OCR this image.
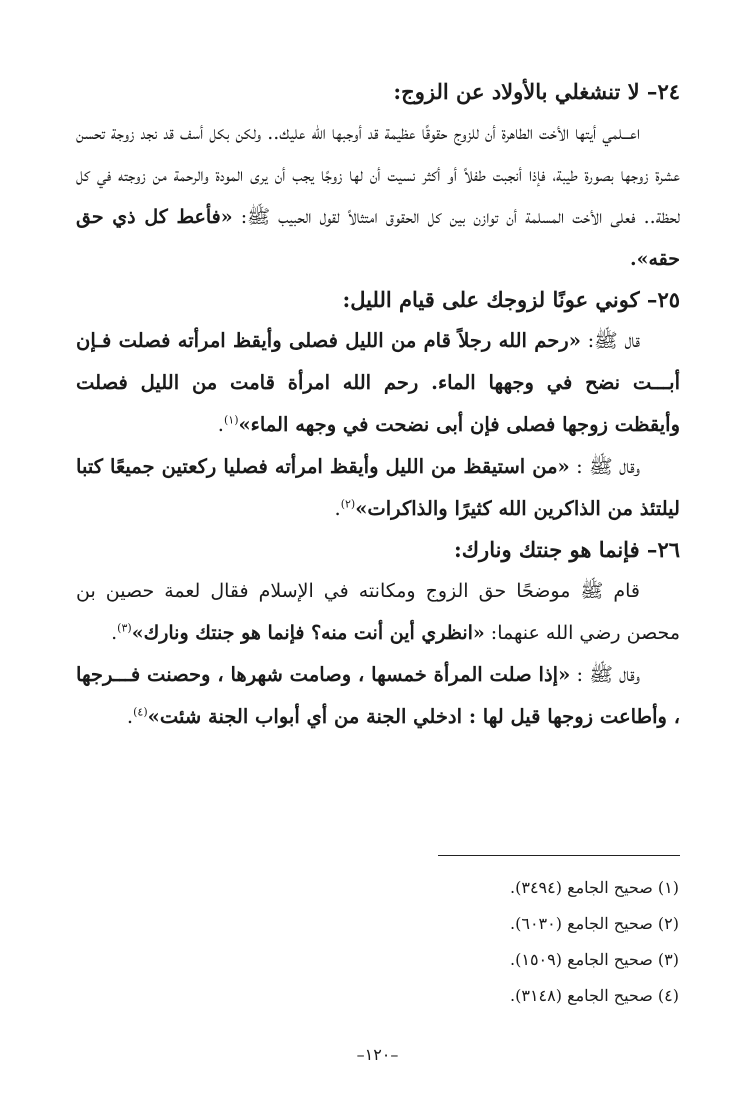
٢٤– لا تنشغلي بالأولاد عن الزوج:

اعـــلمي أيتها الأخت الطاهرة أن للزوج حقوقًا عظيمة قد أوجبها الله عليك.. ولكن بكل أسف قد نجد زوجة تحسن عشرة زوجها بصورة طيبة، فإذا أنجبت طفلاً أو أكثر نسيت أن لها زوجًا يجب أن يرى المودة والرحمة من زوجته في كل لحظة.. فعلى الأخت المسلمة أن توازن بين كل الحقوق امتثالاً لقول الحبيب ﷺ: «فأعط كل ذي حق حقه».

٢٥– كوني عونًا لزوجك على قيام الليل:

قال ﷺ: «رحم الله رجلاً قام من الليل فصلى وأيقظ امرأته فصلت فـإن أبـــت نضح في وجهها الماء. رحم الله امرأة قامت من الليل فصلت وأيقظت زوجها فصلى فإن أبى نضحت في وجهه الماء»$^{(١)}$.

وقال ﷺ : «من استيقظ من الليل وأيقظ امرأته فصليا ركعتين جميعًا كتبا ليلتئذ من الذاكرين الله كثيرًا والذاكرات»$^{(٢)}$.

٢٦– فإنما هو جنتك ونارك:

قام ﷺ موضحًا حق الزوج ومكانته في الإسلام فقال لعمة حصين بن محصن رضي الله عنهما: «انظري أين أنت منه؟ فإنما هو جنتك ونارك»$^{(٣)}$.

وقال ﷺ : «إذا صلت المرأة خمسها ، وصامت شهرها ، وحصنت فـــرجها ، وأطاعت زوجها قيل لها : ادخلي الجنة من أي أبواب الجنة شئت»$^{(٤)}$.

(١) صحيح الجامع (٣٤٩٤).
(٢) صحيح الجامع (٦٠٣٠).
(٣) صحيح الجامع (١٥٠٩).
(٤) صحيح الجامع (٣١٤٨).
–١٢٠–
